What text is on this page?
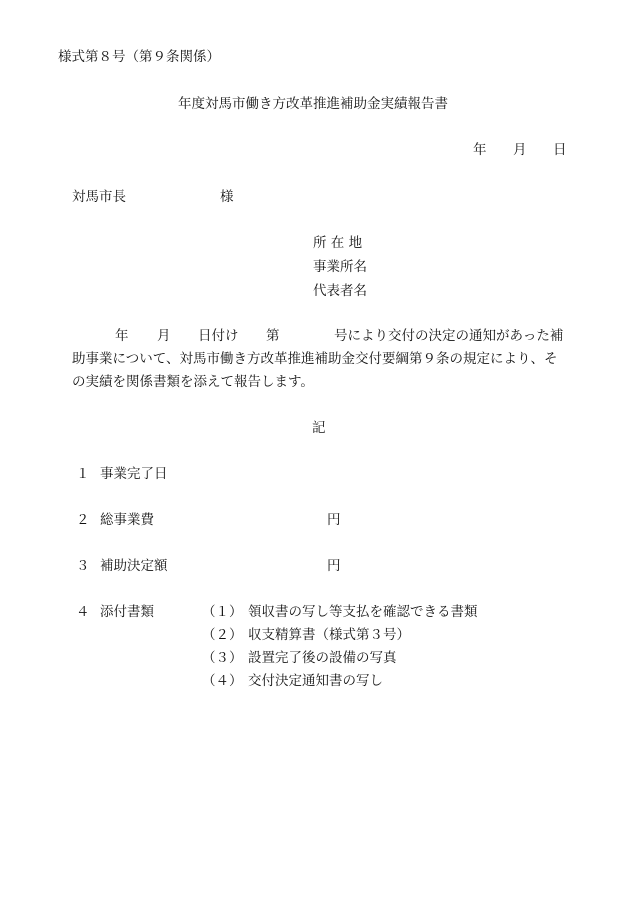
様式第８号（第９条関係）
年度対馬市働き方改革推進補助金実績報告書
年 月 日
対馬市長	様
所 在 地
事業所名
代表者名
年 月 日付け 第	号により交付の決定の通知があった補
助事業について、対馬市働き方改革推進補助金交付要綱第９条の規定により、そ
の実績を関係書類を添えて報告します。
記
１ 事業完了日
２ 総事業費	円
３ 補助決定額	円
４ 添付書類	（１） 領収書の写し等支払を確認できる書類
（２） 収支精算書（様式第３号）
（３） 設置完了後の設備の写真
（４） 交付決定通知書の写し
